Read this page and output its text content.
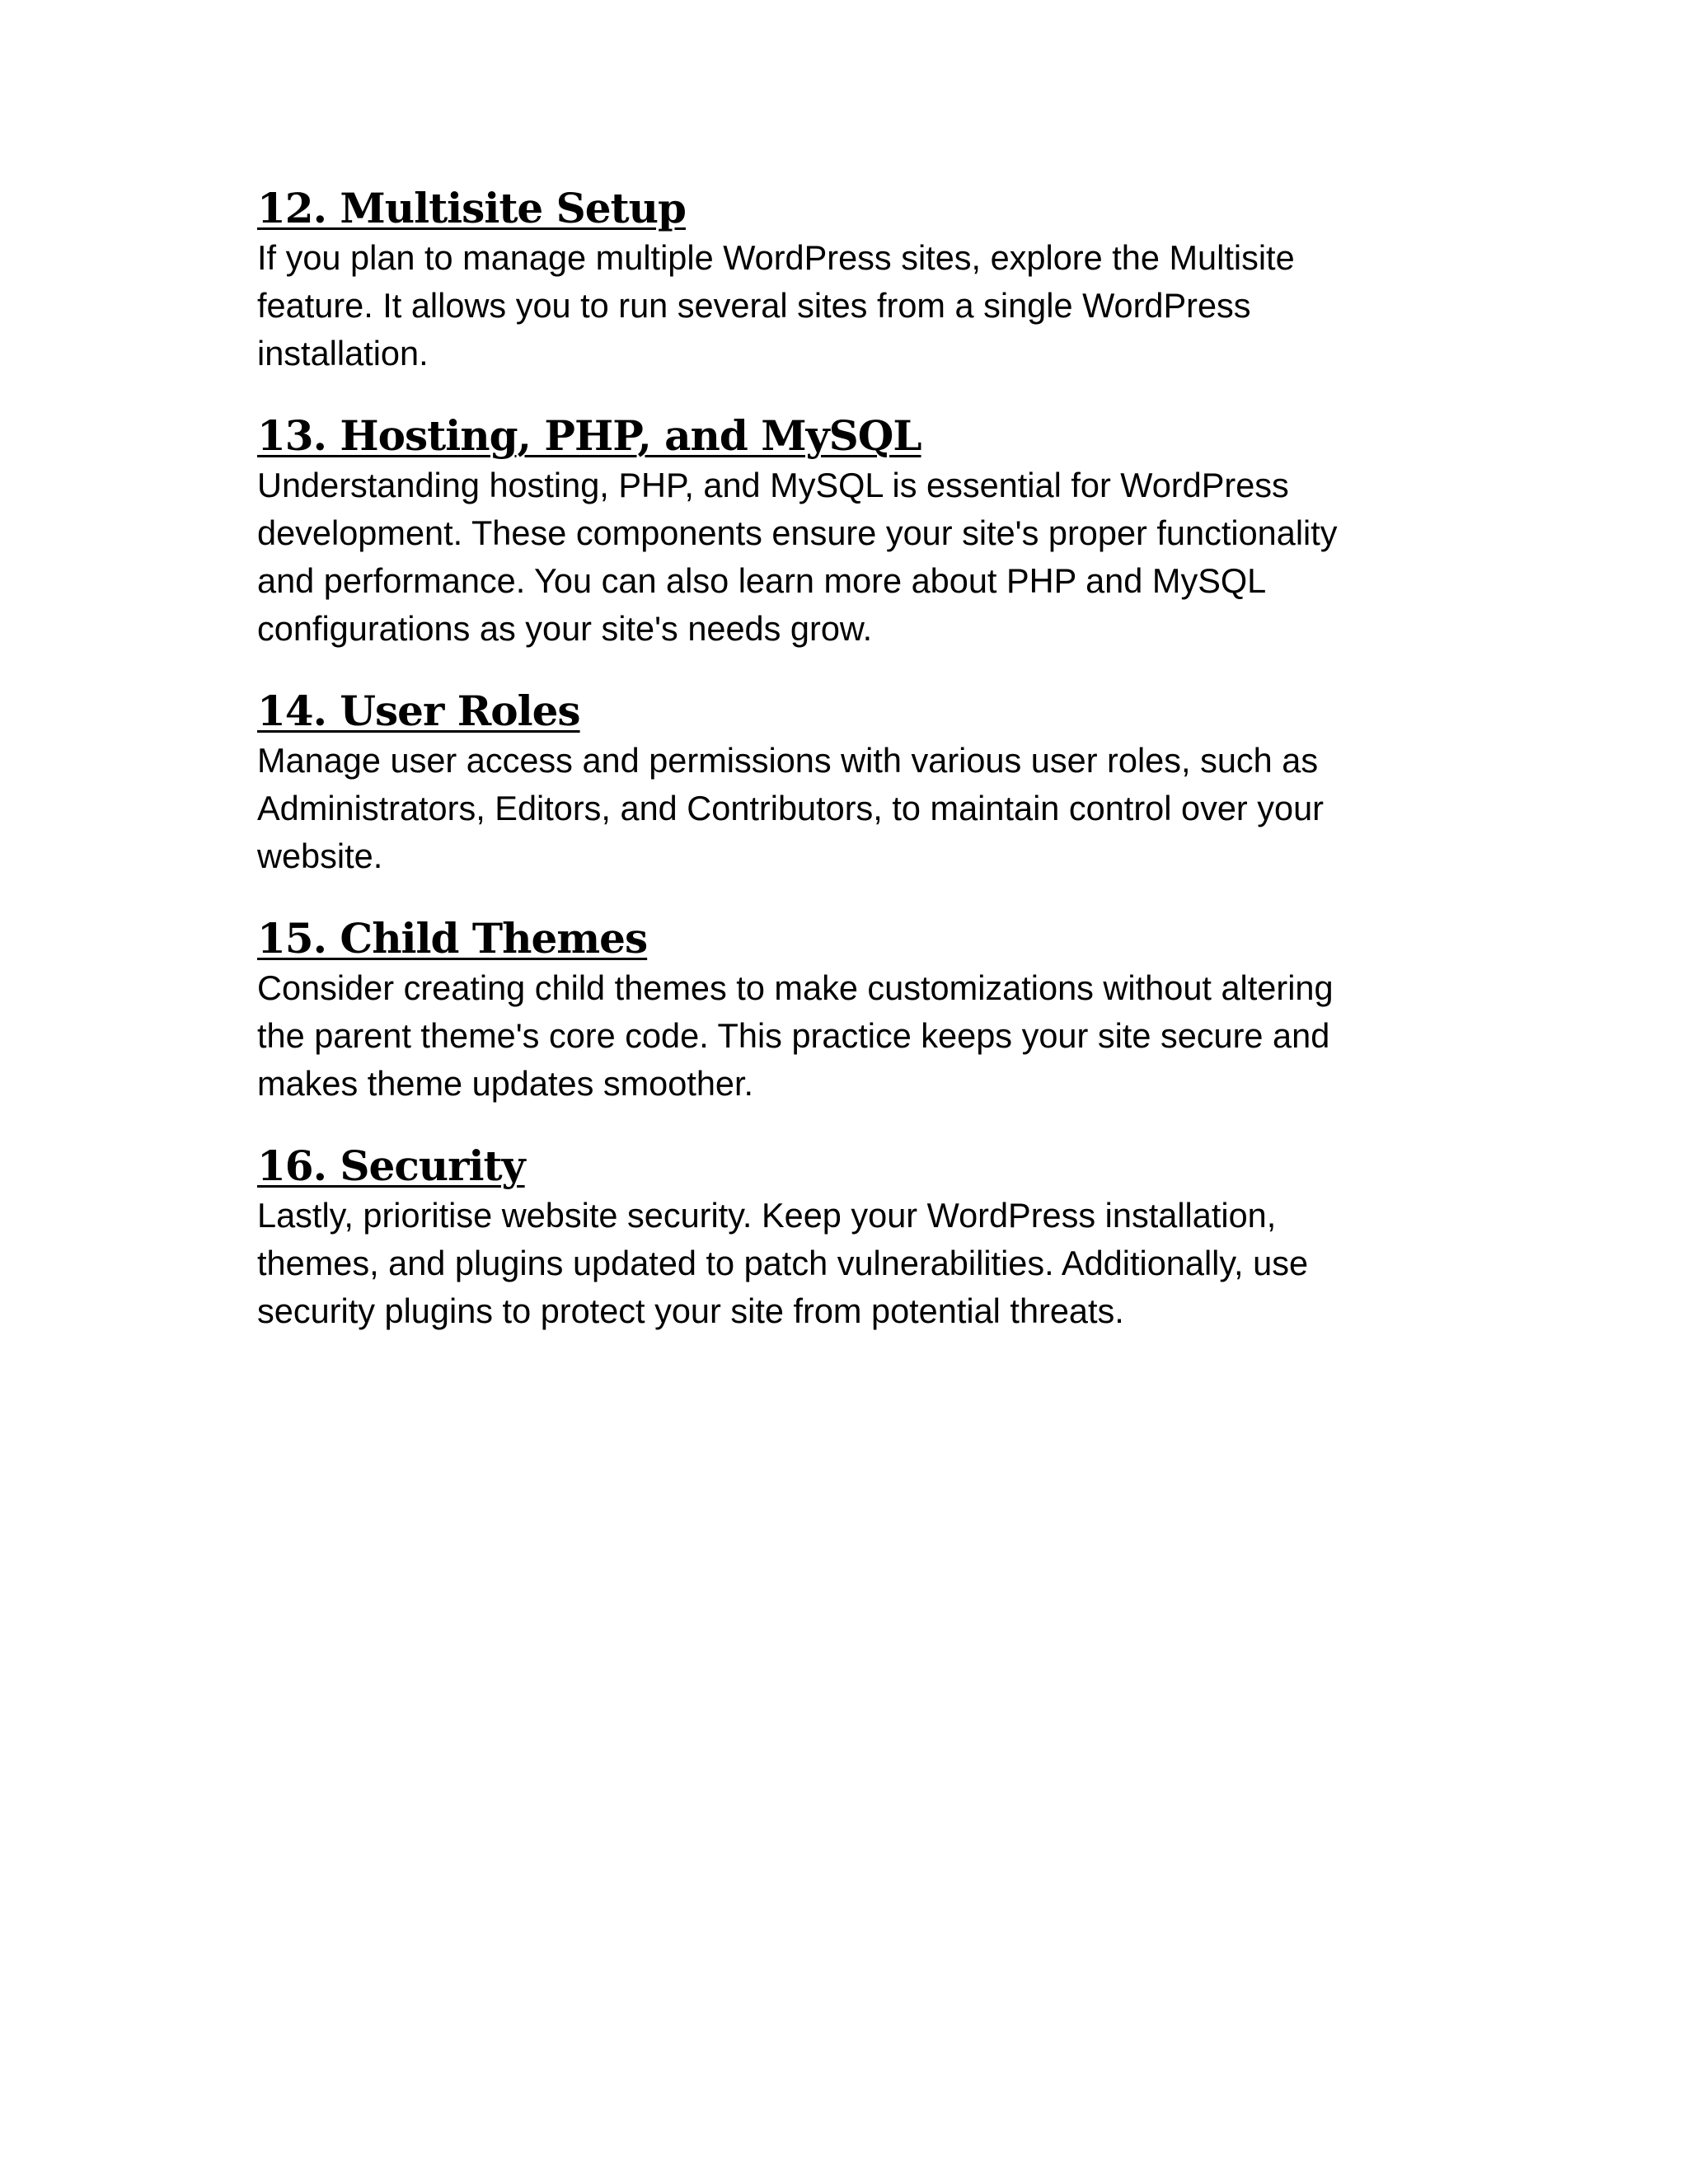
12. Multisite Setup

If you plan to manage multiple WordPress sites, explore the Multisite
feature. It allows you to run several sites from a single WordPress
installation.

13. Hosting, PHP, and MySQL

Understanding hosting, PHP, and MySQL is essential for WordPress
development. These components ensure your site's proper functionality
and performance. You can also learn more about PHP and MySQL
configurations as your site's needs grow.

14. User Roles

Manage user access and permissions with various user roles, such as
Administrators, Editors, and Contributors, to maintain control over your
website.

15. Child Themes

Consider creating child themes to make customizations without altering
the parent theme's core code. This practice keeps your site secure and
makes theme updates smoother.

16. Security

Lastly, prioritise website security. Keep your WordPress installation,
themes, and plugins updated to patch vulnerabilities. Additionally, use
security plugins to protect your site from potential threats.
